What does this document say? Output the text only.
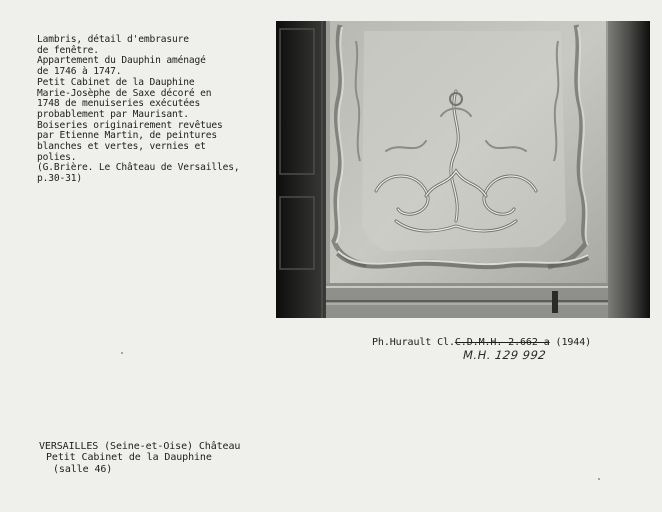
Lambris, détail d'embrasure
de fenêtre.
Appartement du Dauphin aménagé
de 1746 à 1747.
Petit Cabinet de la Dauphine
Marie-Josèphe de Saxe décoré en
1748 de menuiseries exécutées
probablement par Maurisant.
Boiseries originairement revêtues
par Etienne Martin, de peintures
blanches et vertes, vernies et
polies.
(G.Brière. Le Château de Versailles,
p.30-31)
Ph.Hurault Cl.C.D.M.H. 2.662 a (1944)
M.H. 129 992
VERSAILLES (Seine-et-Oise) Château
Petit Cabinet de la Dauphine
(salle 46)
